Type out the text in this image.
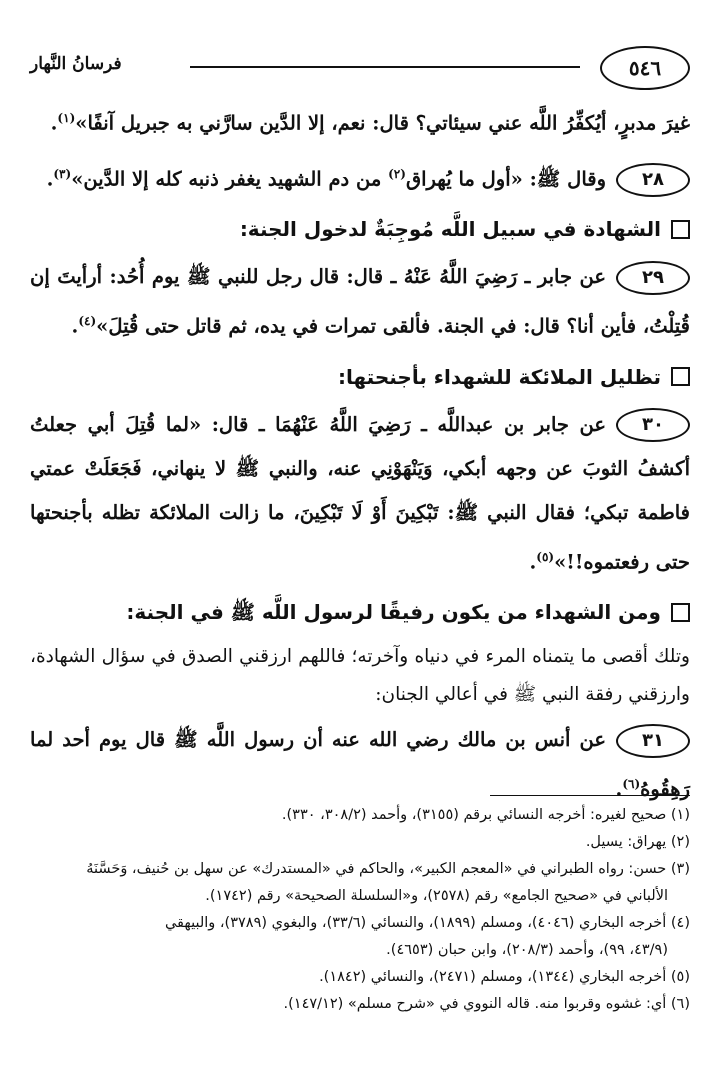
٥٤٦
فرسانُ النَّهار

غيرَ مدبرٍ، أيُكفِّرُ اللَّه عني سيئاتي؟ قال: نعم، إلا الدَّين سارَّني به جبريل آنفًا»$^{(١)}$.

٢٨وقال ﷺ: «أول ما يُهراق$^{(٢)}$ من دم الشهيد يغفر ذنبه كله إلا الدَّين»$^{(٣)}$.

الشهادة في سبيل اللَّه مُوجِبَةٌ لدخول الجنة:

٢٩عن جابر ـ رَضِيَ اللَّهُ عَنْهُ ـ قال: قال رجل للنبي ﷺ يوم أُحُد: أرأيتَ إن قُتِلْتُ، فأين أنا؟ قال: في الجنة. فألقى تمرات في يده، ثم قاتل حتى قُتِلَ»$^{(٤)}$.

تظليل الملائكة للشهداء بأجنحتها:

٣٠عن جابر بن عبداللَّه ـ رَضِيَ اللَّهُ عَنْهُمَا ـ قال: «لما قُتِلَ أبي جعلتُ أكشفُ الثوبَ عن وجهه أبكي، وَيَنْهَوْنِي عنه، والنبي ﷺ لا ينهاني، فَجَعَلَتْ عمتي فاطمة تبكي؛ فقال النبي ﷺ: تَبْكِينَ أَوْ لَا تَبْكِينَ، ما زالت الملائكة تظله بأجنحتها حتى رفعتموه!!»$^{(٥)}$.

ومن الشهداء من يكون رفيقًا لرسول اللَّه ﷺ في الجنة:

وتلك أقصى ما يتمناه المرء في دنياه وآخرته؛ فاللهم ارزقني الصدق في سؤال الشهادة، وارزقني رفقة النبي ﷺ في أعالي الجنان:

٣١عن أنس بن مالك رضي الله عنه أن رسول اللَّه ﷺ قال يوم أحد لما رَهِقُوهُ$^{(٦)}$.

(١) صحيح لغيره: أخرجه النسائي برقم (٣١٥٥)، وأحمد (٣٠٨/٢، ٣٣٠).

(٢) يهراق: يسيل.

(٣) حسن: رواه الطبراني في «المعجم الكبير»، والحاكم في «المستدرك» عن سهل بن حُنيف، وَحَسَّنَهُ

الألباني في «صحيح الجامع» رقم (٢٥٧٨)، و«السلسلة الصحيحة» رقم (١٧٤٢).

(٤) أخرجه البخاري (٤٠٤٦)، ومسلم (١٨٩٩)، والنسائي (٣٣/٦)، والبغوي (٣٧٨٩)، والبيهقي

(٤٣/٩، ٩٩)، وأحمد (٢٠٨/٣)، وابن حبان (٤٦٥٣).

(٥) أخرجه البخاري (١٣٤٤)، ومسلم (٢٤٧١)، والنسائي (١٨٤٢).

(٦) أي: غشوه وقربوا منه. قاله النووي في «شرح مسلم» (١٤٧/١٢).
